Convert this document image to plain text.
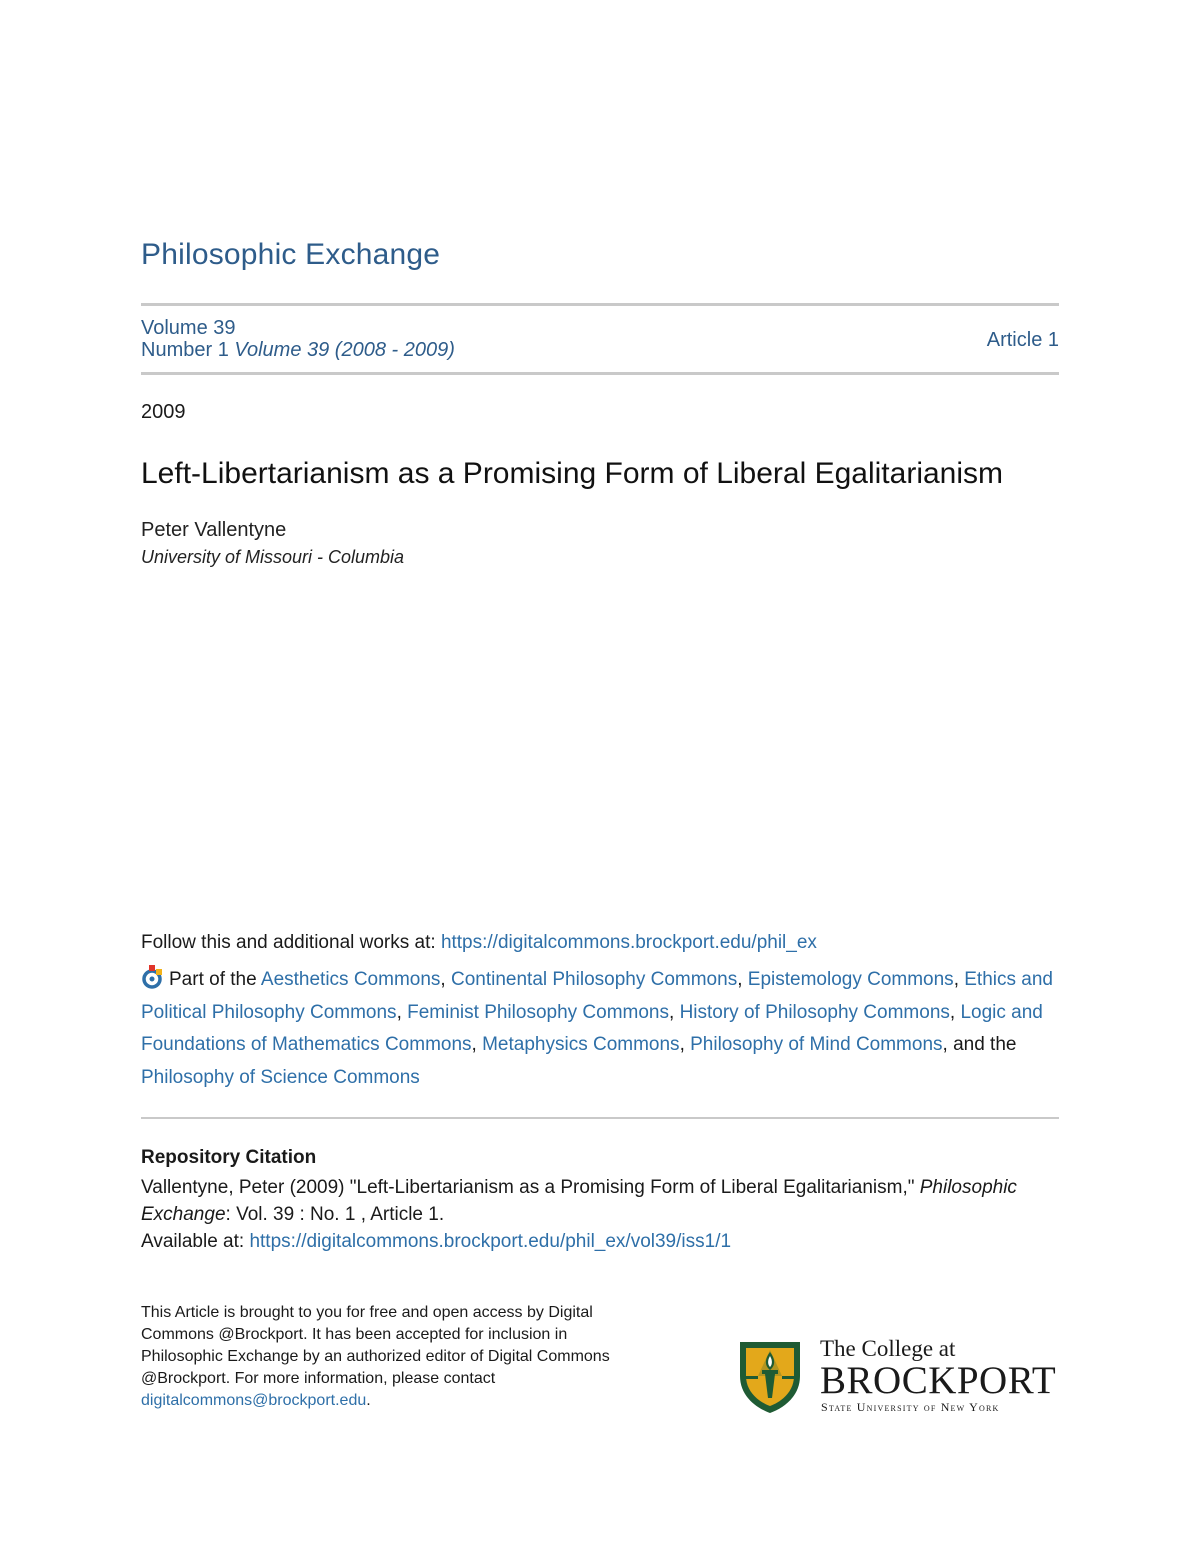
Philosophic Exchange
Volume 39
Number 1 Volume 39 (2008 - 2009)	Article 1
2009
Left-Libertarianism as a Promising Form of Liberal Egalitarianism
Peter Vallentyne
University of Missouri - Columbia
Follow this and additional works at: https://digitalcommons.brockport.edu/phil_ex
Part of the Aesthetics Commons, Continental Philosophy Commons, Epistemology Commons, Ethics and Political Philosophy Commons, Feminist Philosophy Commons, History of Philosophy Commons, Logic and Foundations of Mathematics Commons, Metaphysics Commons, Philosophy of Mind Commons, and the Philosophy of Science Commons
Repository Citation
Vallentyne, Peter (2009) "Left-Libertarianism as a Promising Form of Liberal Egalitarianism," Philosophic Exchange: Vol. 39 : No. 1 , Article 1.
Available at: https://digitalcommons.brockport.edu/phil_ex/vol39/iss1/1
This Article is brought to you for free and open access by Digital Commons @Brockport. It has been accepted for inclusion in Philosophic Exchange by an authorized editor of Digital Commons @Brockport. For more information, please contact digitalcommons@brockport.edu.
The College at
BROCKPORT
State University of New York
